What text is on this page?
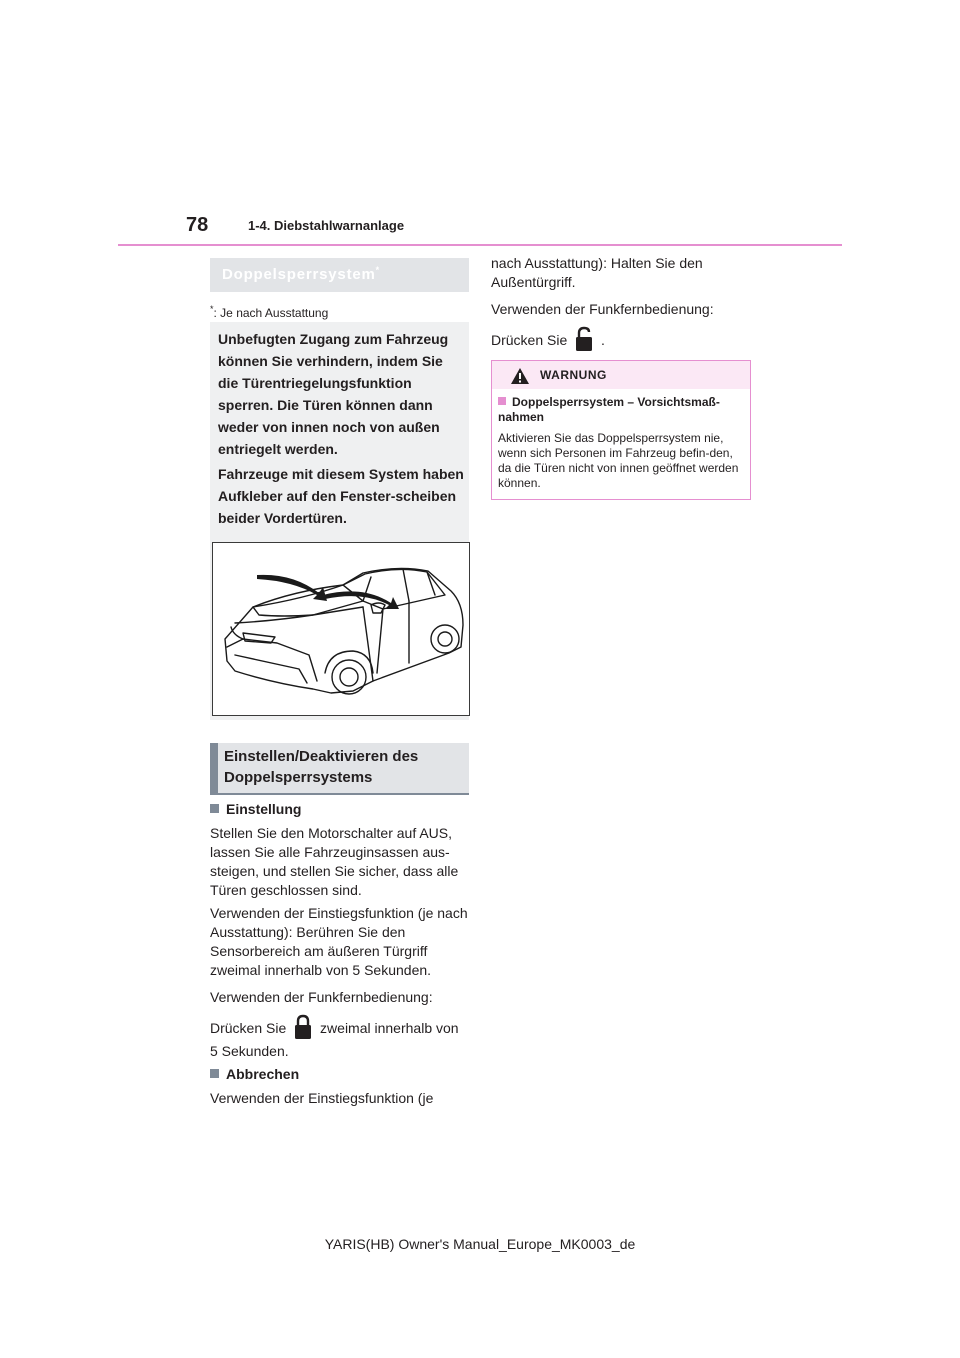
78	1-4. Diebstahlwarnanlage
Doppelsperrsystem*
*: Je nach Ausstattung

Unbefugten Zugang zum Fahrzeug können Sie verhindern, indem Sie die Türentriegelungsfunktion sperren. Die Türen können dann weder von innen noch von außen entriegelt werden.

Fahrzeuge mit diesem System haben Aufkleber auf den Fenster-scheiben beider Vordertüren.

Einstellen/Deaktivieren des Doppelsperrsystems
Einstellung
Stellen Sie den Motorschalter auf AUS, lassen Sie alle Fahrzeuginsassen aus-steigen, und stellen Sie sicher, dass alle Türen geschlossen sind.
Verwenden der Einstiegsfunktion (je nach Ausstattung): Berühren Sie den Sensorbereich am äußeren Türgriff zweimal innerhalb von 5 Sekunden.
Verwenden der Funkfernbedienung:
Drücken Sie zweimal innerhalb von
5 Sekunden.
Abbrechen
Verwenden der Einstiegsfunktion (je
nach Ausstattung): Halten Sie den Außentürgriff.
Verwenden der Funkfernbedienung:
Drücken Sie .
WARNUNG
Doppelsperrsystem – Vorsichtsmaß-nahmen
Aktivieren Sie das Doppelsperrsystem nie, wenn sich Personen im Fahrzeug befin-den, da die Türen nicht von innen geöffnet werden können.
YARIS(HB) Owner's Manual_Europe_MK0003_de
